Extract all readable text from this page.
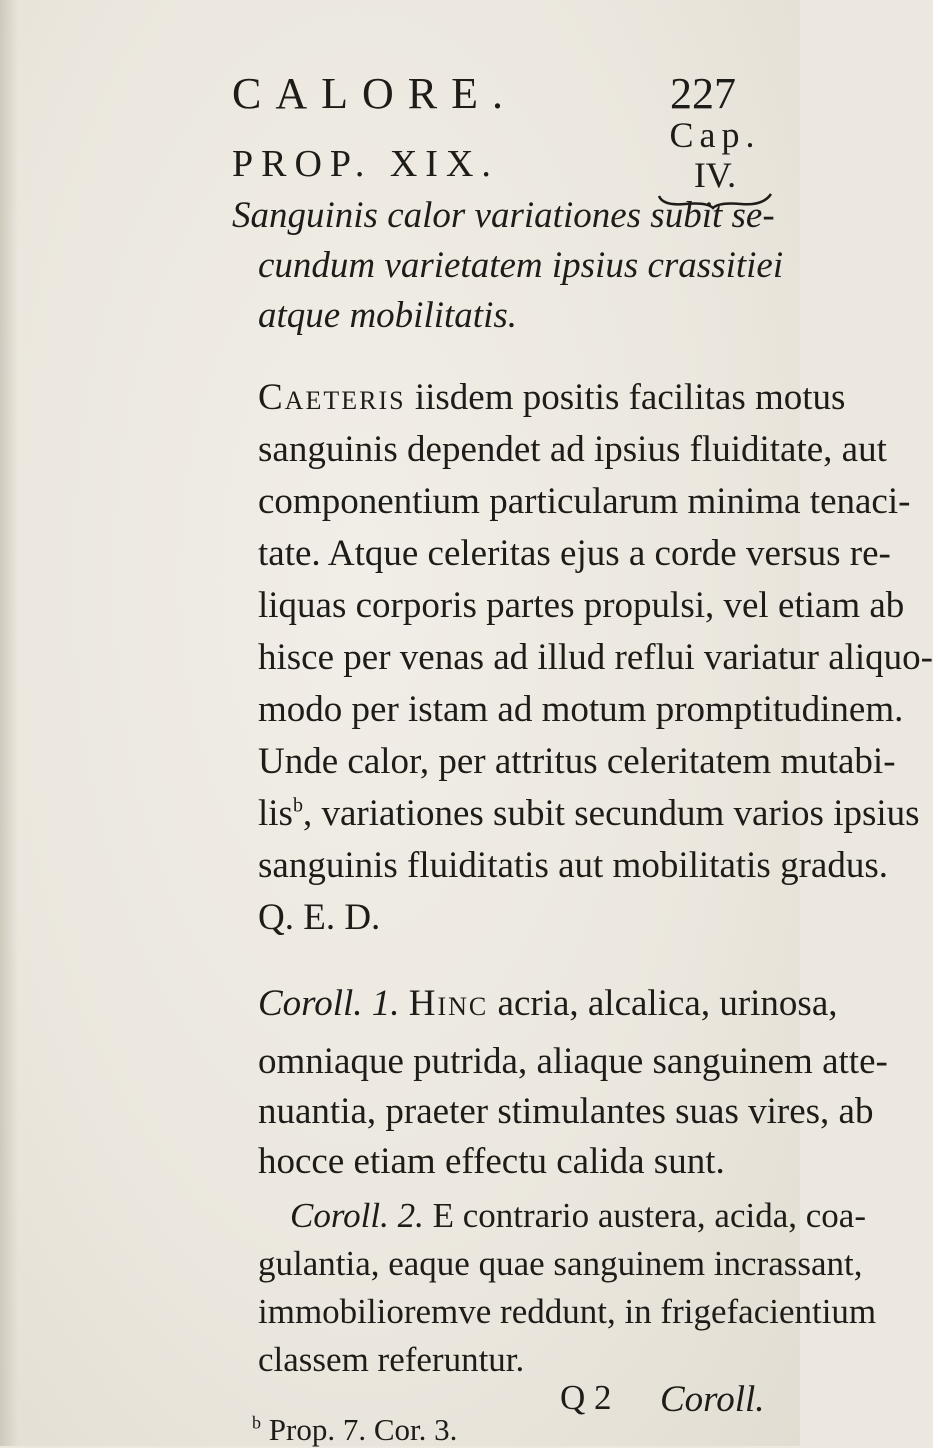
CALORE.	227
Cap.
IV.
PROP. XIX.
Sanguinis calor variationes subit se-
cundum varietatem ipsius crassitiei
atque mobilitatis.
Caeteris iisdem positis facilitas motus
sanguinis dependet ad ipsius fluiditate, aut
componentium particularum minima tenaci-
tate. Atque celeritas ejus a corde versus re-
liquas corporis partes propulsi, vel etiam ab
hisce per venas ad illud reflui variatur aliquo-
modo per istam ad motum promptitudinem.
Unde calor, per attritus celeritatem mutabi-
lis$^b$, variationes subit secundum varios ipsius
sanguinis fluiditatis aut mobilitatis gradus.
Q. E. D.
Coroll. 1. Hinc acria, alcalica, urinosa,
omniaque putrida, aliaque sanguinem atte-
nuantia, praeter stimulantes suas vires, ab
hocce etiam effectu calida sunt.
Q 2 Coroll.
$^b$ Prop. 7. Cor. 3.
Coroll. 2. E contrario austera, acida, coa-
gulantia, eaque quae sanguinem incrassant,
immobilioremve reddunt, in frigefacientium
classem referuntur.
